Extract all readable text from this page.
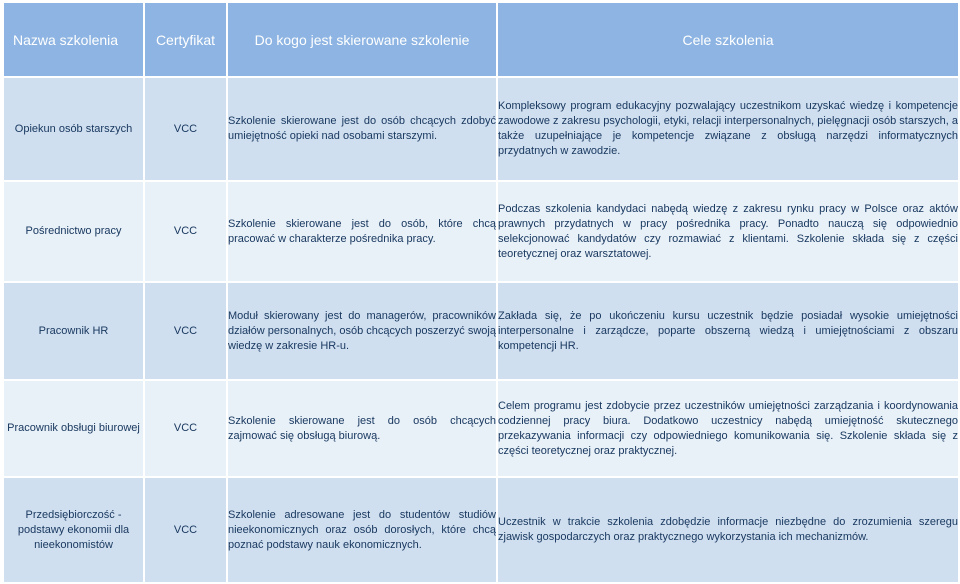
Nazwa szkolenia	Certyfikat	Do kogo jest skierowane szkolenie	Cele szkolenia
Opiekun osób starszych	VCC	Szkolenie skierowane jest do osób chcących zdobyć umiejętność opieki nad osobami starszymi.	Kompleksowy program edukacyjny pozwalający uczestnikom uzyskać wiedzę i kompetencje zawodowe z zakresu psychologii, etyki, relacji interpersonalnych, pielęgnacji osób starszych, a także uzupełniające je kompetencje związane z obsługą narzędzi informatycznych przydatnych w zawodzie.
Pośrednictwo pracy	VCC	Szkolenie skierowane jest do osób, które chcą pracować w charakterze pośrednika pracy.	Podczas szkolenia kandydaci nabędą wiedzę z zakresu rynku pracy w Polsce oraz aktów prawnych przydatnych w pracy pośrednika pracy. Ponadto nauczą się odpowiednio selekcjonować kandydatów czy rozmawiać z klientami. Szkolenie składa się z części teoretycznej oraz warsztatowej.
Pracownik HR	VCC	Moduł skierowany jest do managerów, pracowników działów personalnych, osób chcących poszerzyć swoją wiedzę w zakresie HR-u.	Zakłada się, że po ukończeniu kursu uczestnik będzie posiadał wysokie umiejętności interpersonalne i zarządcze, poparte obszerną wiedzą i umiejętnościami z obszaru kompetencji HR.
Pracownik obsługi biurowej	VCC	Szkolenie skierowane jest do osób chcących zajmować się obsługą biurową.	Celem programu jest zdobycie przez uczestników umiejętności zarządzania i koordynowania codziennej pracy biura. Dodatkowo uczestnicy nabędą umiejętność skutecznego przekazywania informacji czy odpowiedniego komunikowania się. Szkolenie składa się z części teoretycznej oraz praktycznej.
Przedsiębiorczość - podstawy ekonomii dla nieekonomistów	VCC	Szkolenie adresowane jest do studentów studiów nieekonomicznych oraz osób dorosłych, które chcą poznać podstawy nauk ekonomicznych.	Uczestnik w trakcie szkolenia zdobędzie informacje niezbędne do zrozumienia szeregu zjawisk gospodarczych oraz praktycznego wykorzystania ich mechanizmów.
